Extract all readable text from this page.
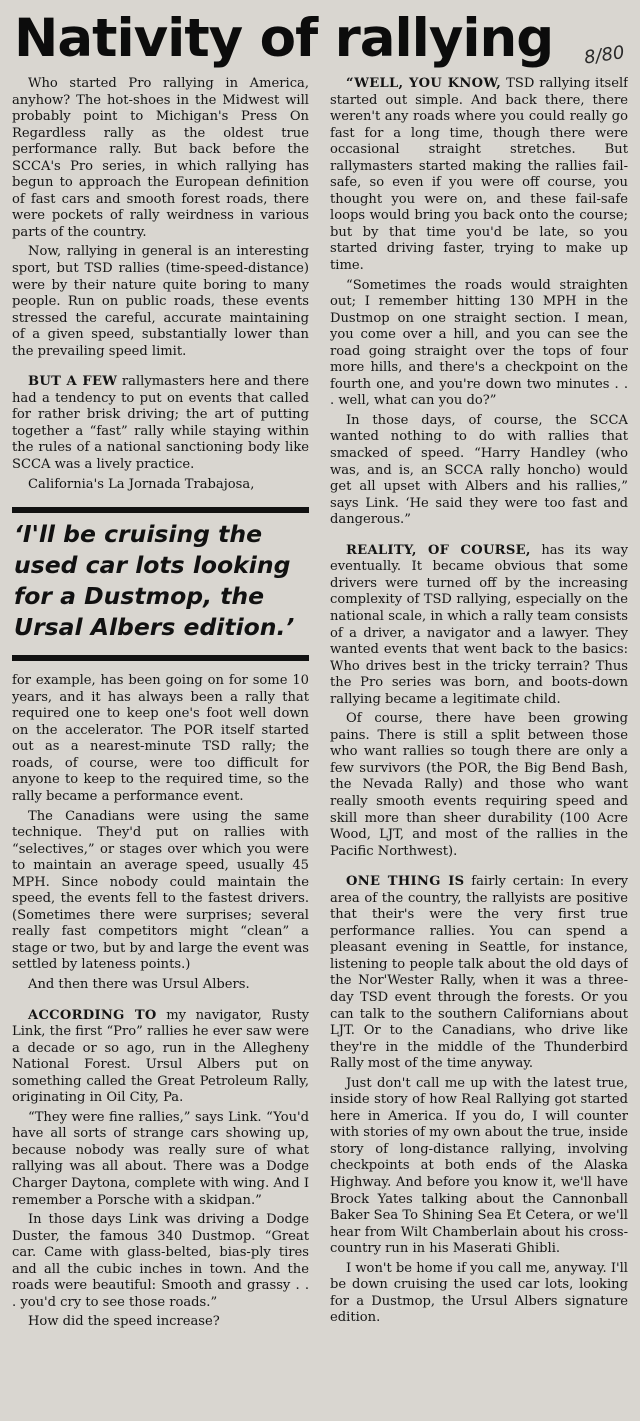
Nativity of rallying	8/80

Who started Pro rallying in America, anyhow? The hot-shoes in the Midwest will probably point to Michigan's Press On Regardless rally as the oldest true performance rally. But back before the SCCA's Pro series, in which rallying has begun to approach the European definition of fast cars and smooth forest roads, there were pockets of rally weirdness in various parts of the country.

Now, rallying in general is an interesting sport, but TSD rallies (time-speed-distance) were by their nature quite boring to many people. Run on public roads, these events stressed the careful, accurate maintaining of a given speed, substantially lower than the prevailing speed limit.

BUT A FEW rallymasters here and there had a tendency to put on events that called for rather brisk driving; the art of putting together a “fast” rally while staying within the rules of a national sanctioning body like SCCA was a lively practice.

California's La Jornada Trabajosa,

‘I'll be cruising the used car lots looking for a Dustmop, the Ursal Albers edition.’

for example, has been going on for some 10 years, and it has always been a rally that required one to keep one's foot well down on the accelerator. The POR itself started out as a nearest-minute TSD rally; the roads, of course, were too difficult for anyone to keep to the required time, so the rally became a performance event.

The Canadians were using the same technique. They'd put on rallies with “selectives,” or stages over which you were to maintain an average speed, usually 45 MPH. Since nobody could maintain the speed, the events fell to the fastest drivers. (Sometimes there were surprises; several really fast competitors might “clean” a stage or two, but by and large the event was settled by lateness points.)

And then there was Ursul Albers.

ACCORDING TO my navigator, Rusty Link, the first “Pro” rallies he ever saw were a decade or so ago, run in the Allegheny National Forest. Ursul Albers put on something called the Great Petroleum Rally, originating in Oil City, Pa.

“They were fine rallies,” says Link. “You'd have all sorts of strange cars showing up, because nobody was really sure of what rallying was all about. There was a Dodge Charger Daytona, complete with wing. And I remember a Porsche with a skidpan.”

In those days Link was driving a Dodge Duster, the famous 340 Dustmop. “Great car. Came with glass-belted, bias-ply tires and all the cubic inches in town. And the roads were beautiful: Smooth and grassy . . . you'd cry to see those roads.”

How did the speed increase?

“WELL, YOU KNOW, TSD rallying itself started out simple. And back there, there weren't any roads where you could really go fast for a long time, though there were occasional straight stretches. But rallymasters started making the rallies fail-safe, so even if you were off course, you thought you were on, and these fail-safe loops would bring you back onto the course; but by that time you'd be late, so you started driving faster, trying to make up time.

“Sometimes the roads would straighten out; I remember hitting 130 MPH in the Dustmop on one straight section. I mean, you come over a hill, and you can see the road going straight over the tops of four more hills, and there's a checkpoint on the fourth one, and you're down two minutes . . . well, what can you do?”

In those days, of course, the SCCA wanted nothing to do with rallies that smacked of speed. “Harry Handley (who was, and is, an SCCA rally honcho) would get all upset with Albers and his rallies,” says Link. ‘He said they were too fast and dangerous.”

REALITY, OF COURSE, has its way eventually. It became obvious that some drivers were turned off by the increasing complexity of TSD rallying, especially on the national scale, in which a rally team consists of a driver, a navigator and a lawyer. They wanted events that went back to the basics: Who drives best in the tricky terrain? Thus the Pro series was born, and boots-down rallying became a legitimate child.

Of course, there have been growing pains. There is still a split between those who want rallies so tough there are only a few survivors (the POR, the Big Bend Bash, the Nevada Rally) and those who want really smooth events requiring speed and skill more than sheer durability (100 Acre Wood, LJT, and most of the rallies in the Pacific Northwest).

ONE THING IS fairly certain: In every area of the country, the rallyists are positive that their's were the very first true performance rallies. You can spend a pleasant evening in Seattle, for instance, listening to people talk about the old days of the Nor'Wester Rally, when it was a three-day TSD event through the forests. Or you can talk to the southern Californians about LJT. Or to the Canadians, who drive like they're in the middle of the Thunderbird Rally most of the time anyway.

Just don't call me up with the latest true, inside story of how Real Rallying got started here in America. If you do, I will counter with stories of my own about the true, inside story of long-distance rallying, involving checkpoints at both ends of the Alaska Highway. And before you know it, we'll have Brock Yates talking about the Cannonball Baker Sea To Shining Sea Et Cetera, or we'll hear from Wilt Chamberlain about his cross-country run in his Maserati Ghibli.

I won't be home if you call me, anyway. I'll be down cruising the used car lots, looking for a Dustmop, the Ursul Albers signature edition.
